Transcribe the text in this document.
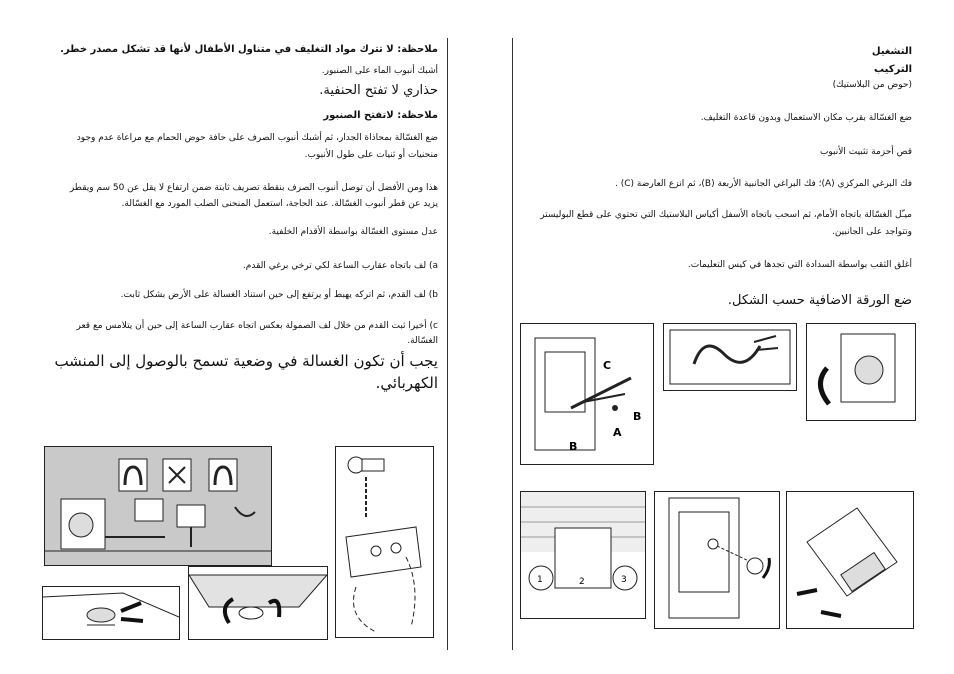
ملاحظة: لا تترك مواد التغليف في متناول الأطفال لأنها قد تشكل مصدر خطر.
أشبك أنبوب الماء على الصنبور.
حذاري لا تفتح الحنفية.
ملاحظة: لاتفتح الصنبور
ضع الغسّالة بمحاذاة الجدار، ثم أشبك أنبوب الصرف على حافة حوض الحمام مع مراعاة عدم وجود
منحنيات أو ثنيات على طول الأنبوب.
هذا ومن الأفضل أن توصل أنبوب الصرف بنقطة تصريف ثابتة ضمن ارتفاع لا يقل عن 50 سم ويقطر
يزيد عن قطر أنبوب الغسّالة. عند الحاجة، استعمل المنحنى الصلب المورد مع الغسّالة.
عدل مستوى الغسّالة بواسطة الأقدام الخلفية.
a) لف باتجاه عقارب الساعة لكي ترخي برغي القدم.
b) لف القدم، ثم اتركه يهبط أو يرتفع إلى حين استناد الغسالة على الأرض بشكل ثابت.
c) أخيرا ثبت القدم من خلال لف الصمولة بعكس اتجاه عقارب الساعة إلى حين أن يتلامس مع قعر
الغسّالة.
يجب أن تكون الغسالة في وضعية تسمح بالوصول إلى المنشب
الكهربائي.
التشغيل
التركيب
(حوض من البلاستيك)
ضع الغسّالة بقرب مكان الاستعمال وبدون قاعدة التغليف.
قص أحزمة تثبيت الأنبوب
فك البرغي المركزي (A)؛ فك البراغي الجانبية الأربعة (B)، ثم انزع العارضة (C) .
ميـّل الغسّالة باتجاه الأمام، ثم اسحب باتجاه الأسفل أكياس البلاستيك التي تحتوي على قطع البوليستر
وتتواجد على الجانبين.
أغلق الثقب بواسطة السدادة التي تجدها في كيس التعليمات.
ضع الورقة الاضافية حسب الشكل.
C
A
B
B
1	2	3
